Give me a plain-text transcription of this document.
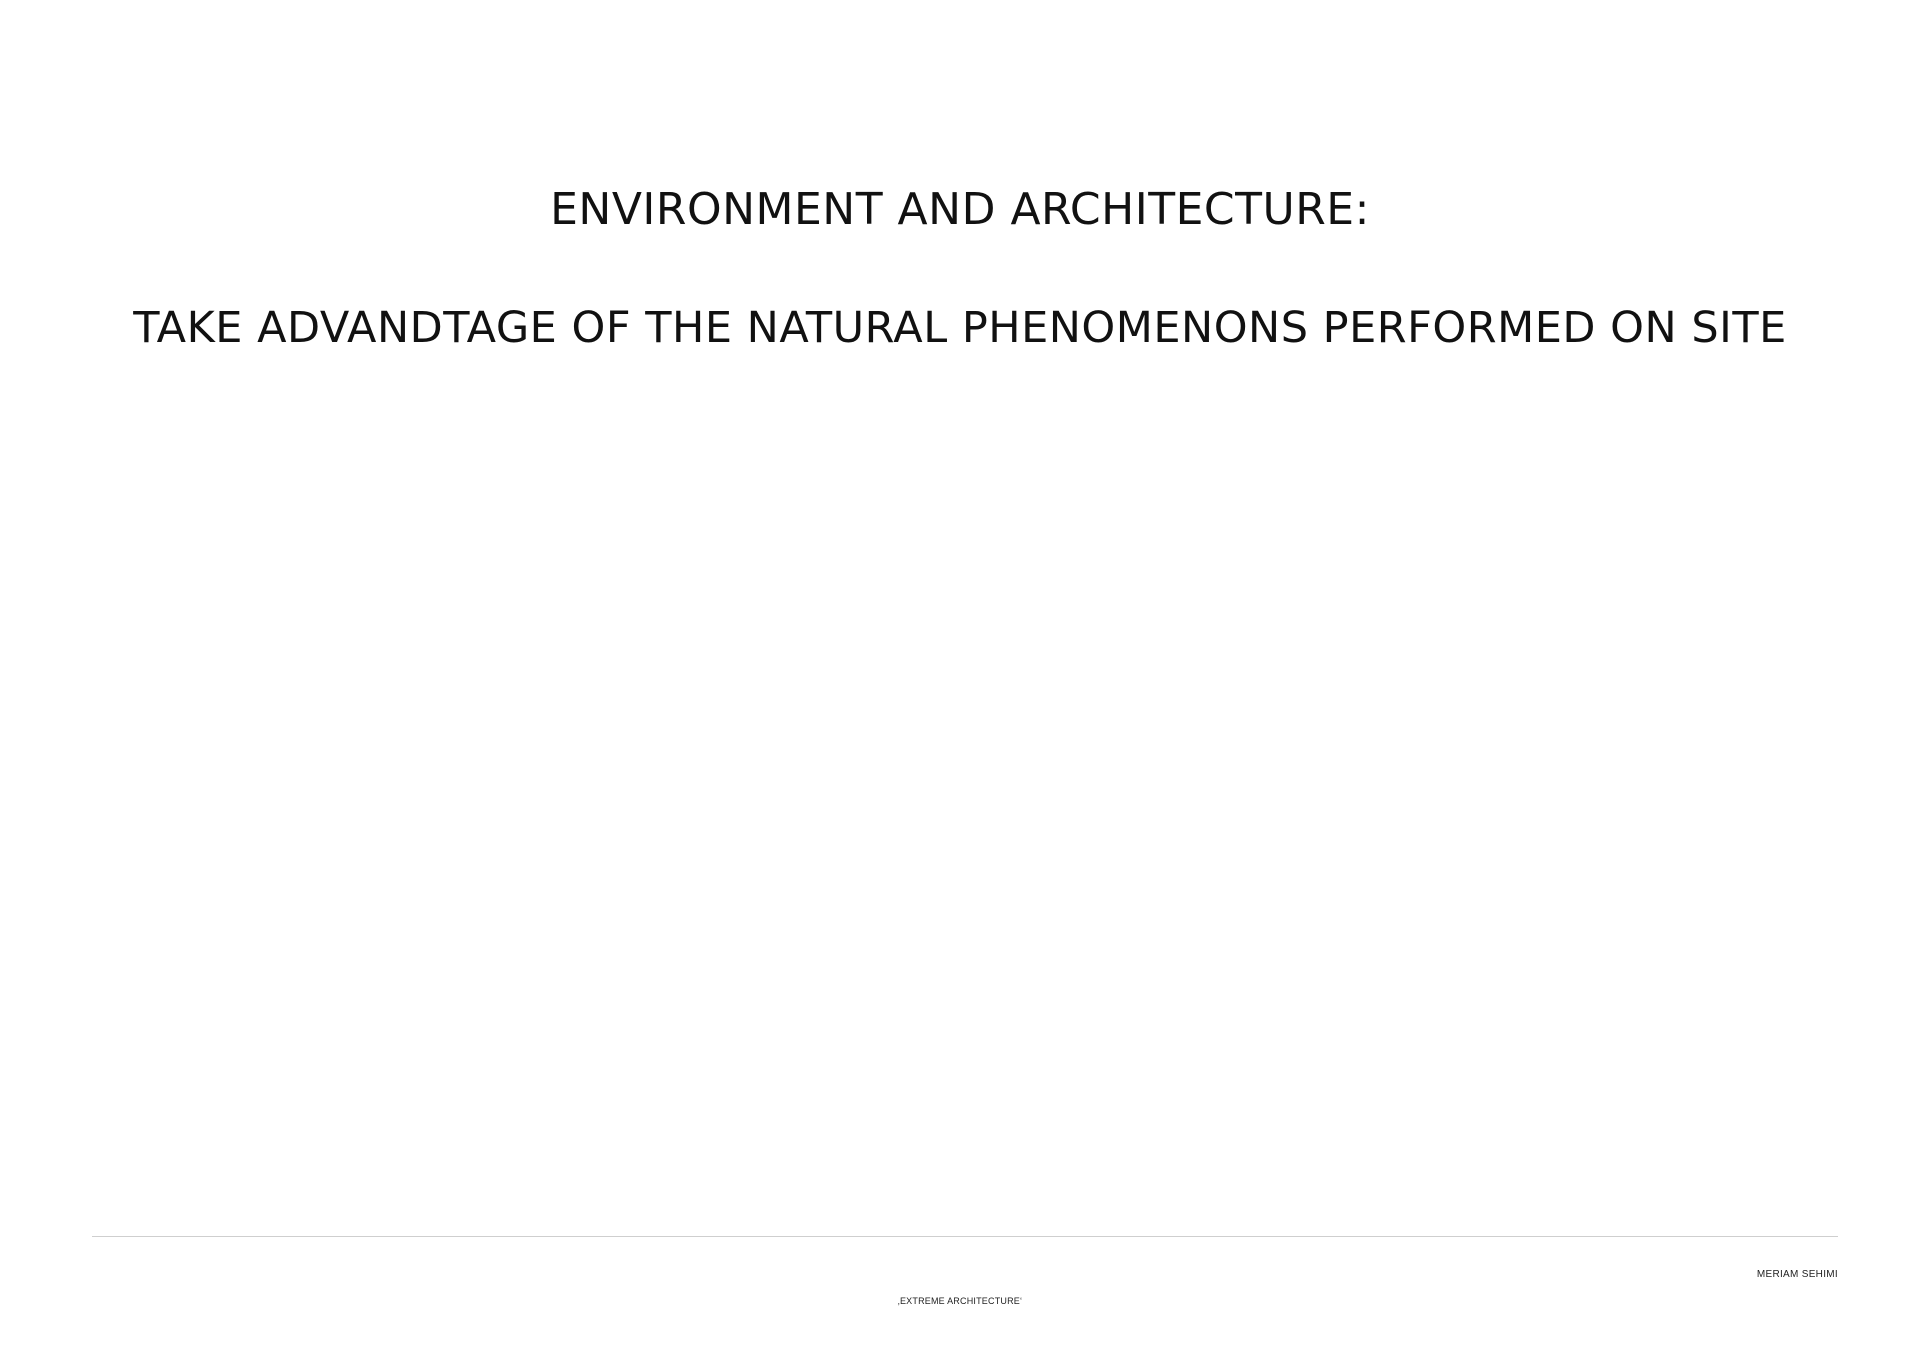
ENVIRONMENT AND ARCHITECTURE:
TAKE ADVANDTAGE OF THE NATURAL PHENOMENONS PERFORMED ON SITE
MERIAM SEHIMI
‚EXTREME ARCHITECTURE‘
